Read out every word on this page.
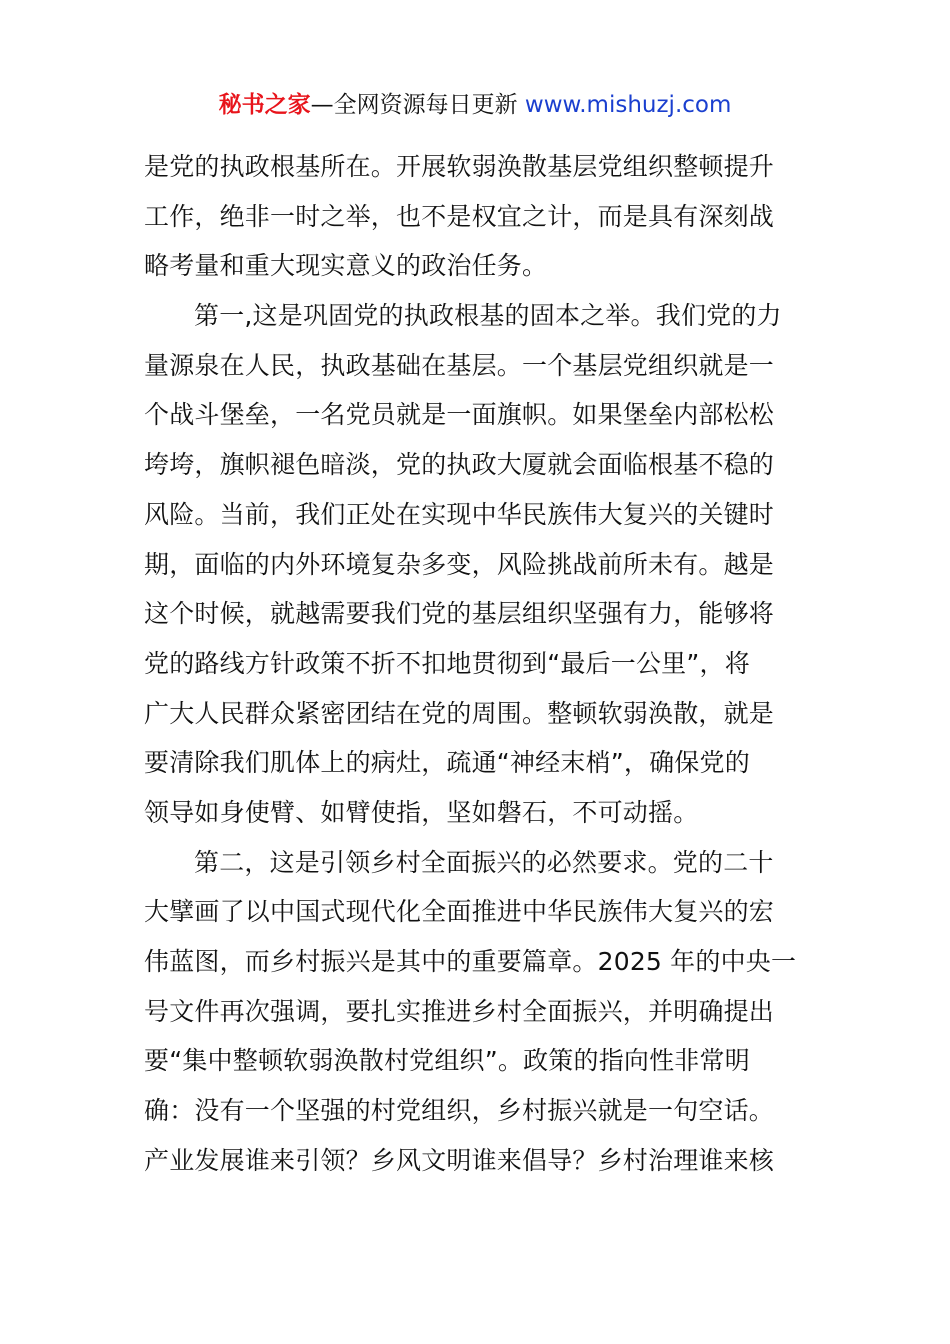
秘书之家—全网资源每日更新 www.mishuzj.com
是党的执政根基所在。开展软弱涣散基层党组织整顿提升
工作，绝非一时之举，也不是权宜之计，而是具有深刻战
略考量和重大现实意义的政治任务。
第一,这是巩固党的执政根基的固本之举。我们党的力
量源泉在人民，执政基础在基层。一个基层党组织就是一
个战斗堡垒，一名党员就是一面旗帜。如果堡垒内部松松
垮垮，旗帜褪色暗淡，党的执政大厦就会面临根基不稳的
风险。当前，我们正处在实现中华民族伟大复兴的关键时
期，面临的内外环境复杂多变，风险挑战前所未有。越是
这个时候，就越需要我们党的基层组织坚强有力，能够将
党的路线方针政策不折不扣地贯彻到“最后一公里”，将
广大人民群众紧密团结在党的周围。整顿软弱涣散，就是
要清除我们肌体上的病灶，疏通“神经末梢”，确保党的
领导如身使臂、如臂使指，坚如磐石，不可动摇。
第二，这是引领乡村全面振兴的必然要求。党的二十
大擘画了以中国式现代化全面推进中华民族伟大复兴的宏
伟蓝图，而乡村振兴是其中的重要篇章。2025 年的中央一
号文件再次强调，要扎实推进乡村全面振兴，并明确提出
要“集中整顿软弱涣散村党组织”。政策的指向性非常明
确：没有一个坚强的村党组织，乡村振兴就是一句空话。
产业发展谁来引领？乡风文明谁来倡导？乡村治理谁来核
